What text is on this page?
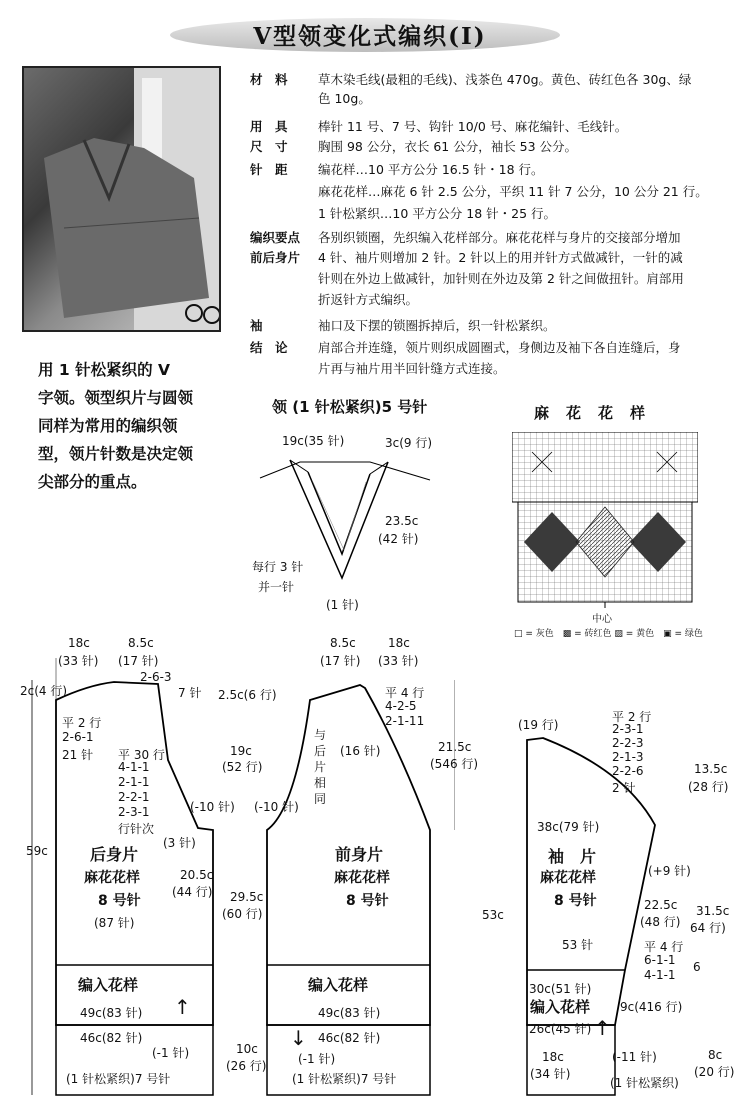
V型领变化式编织(Ⅰ)
材　料	草木染毛线(最粗的毛线)、浅茶色 470g。黄色、砖红色各 30g、绿
色 10g。
用　具	棒针 11 号、7 号、钩针 10/0 号、麻花编针、毛线针。
尺　寸	胸围 98 公分，衣长 61 公分，袖长 53 公分。
针　距	编花样…10 平方公分 16.5 针・18 行。
麻花花样…麻花 6 针 2.5 公分，平织 11 针 7 公分，10 公分 21 行。
1 针松紧织…10 平方公分 18 针・25 行。
编织要点	各别织锁圈，先织编入花样部分。麻花花样与身片的交接部分增加
前后身片	4 针、袖片则增加 2 针。2 针以上的用并针方式做减针，一针的减
针则在外边上做减针，加针则在外边及第 2 针之间做扭针。肩部用
折返针方式编织。
袖	袖口及下摆的锁圈拆掉后，织一针松紧织。
结　论	肩部合并连缝，领片则织成圆圈式，身侧边及袖下各自连缝后，身
片再与袖片用半回针缝方式连接。
用 1 针松紧织的 V
字领。领型织片与圆领
同样为常用的编织领
型，领片针数是决定领
尖部分的重点。
领 (1 针松紧织)5 号针
19c(35 针)	3c(9 行)
23.5c
(42 针)
每行 3 针
并一针
(1 针)
麻　花　花　样
中心
□ = 灰色　▩ = 砖红色 ▨ = 黄色　▣ = 绿色
18c
(33 针)
8.5c
(17 针)
2-6-3
7 针
2c(4 行)	2.5c(6 行)
59c
平 2 行
2-6-1
21 针 平 30 行
4-1-1
2-1-1
2-2-1
2-3-1
行针次
19c
(52 行)
(-10 针)
(3 针)
后身片
麻花花样
8 号针
20.5c
(44 行)
(87 针)
编入花样
49c(83 针)
46c(82 针)
(-1 针)
(1 针松紧织)7 号针
↑
8.5c
(17 针)
18c
(33 针)
平 4 行
4-2-5
2-1-11
21.5c
(546 行)
(-10 针)
与
后
片
相
同
(16 针)
前身片
麻花花样
8 号针
29.5c
(60 行)
编入花样
49c(83 针)
46c(82 针)
(-1 针)
10c
(26 行)
(1 针松紧织)7 号针
↓
(19 行)
平 2 行
2-3-1
2-2-3
2-1-3
2-2-6
2 针
13.5c
(28 行)
38c(79 针)
(+9 针)
袖　片
麻花花样
8 号针
53c
22.5c
(48 行)
31.5c
64 行)
53 针	平 4 行
6-1-1
4-1-1
6
30c(51 针)
编入花样 9c(416 行)
26c(45 针)
(-11 针)
18c
(34 针)
(1 针松紧织)
8c
(20 行)
↑
